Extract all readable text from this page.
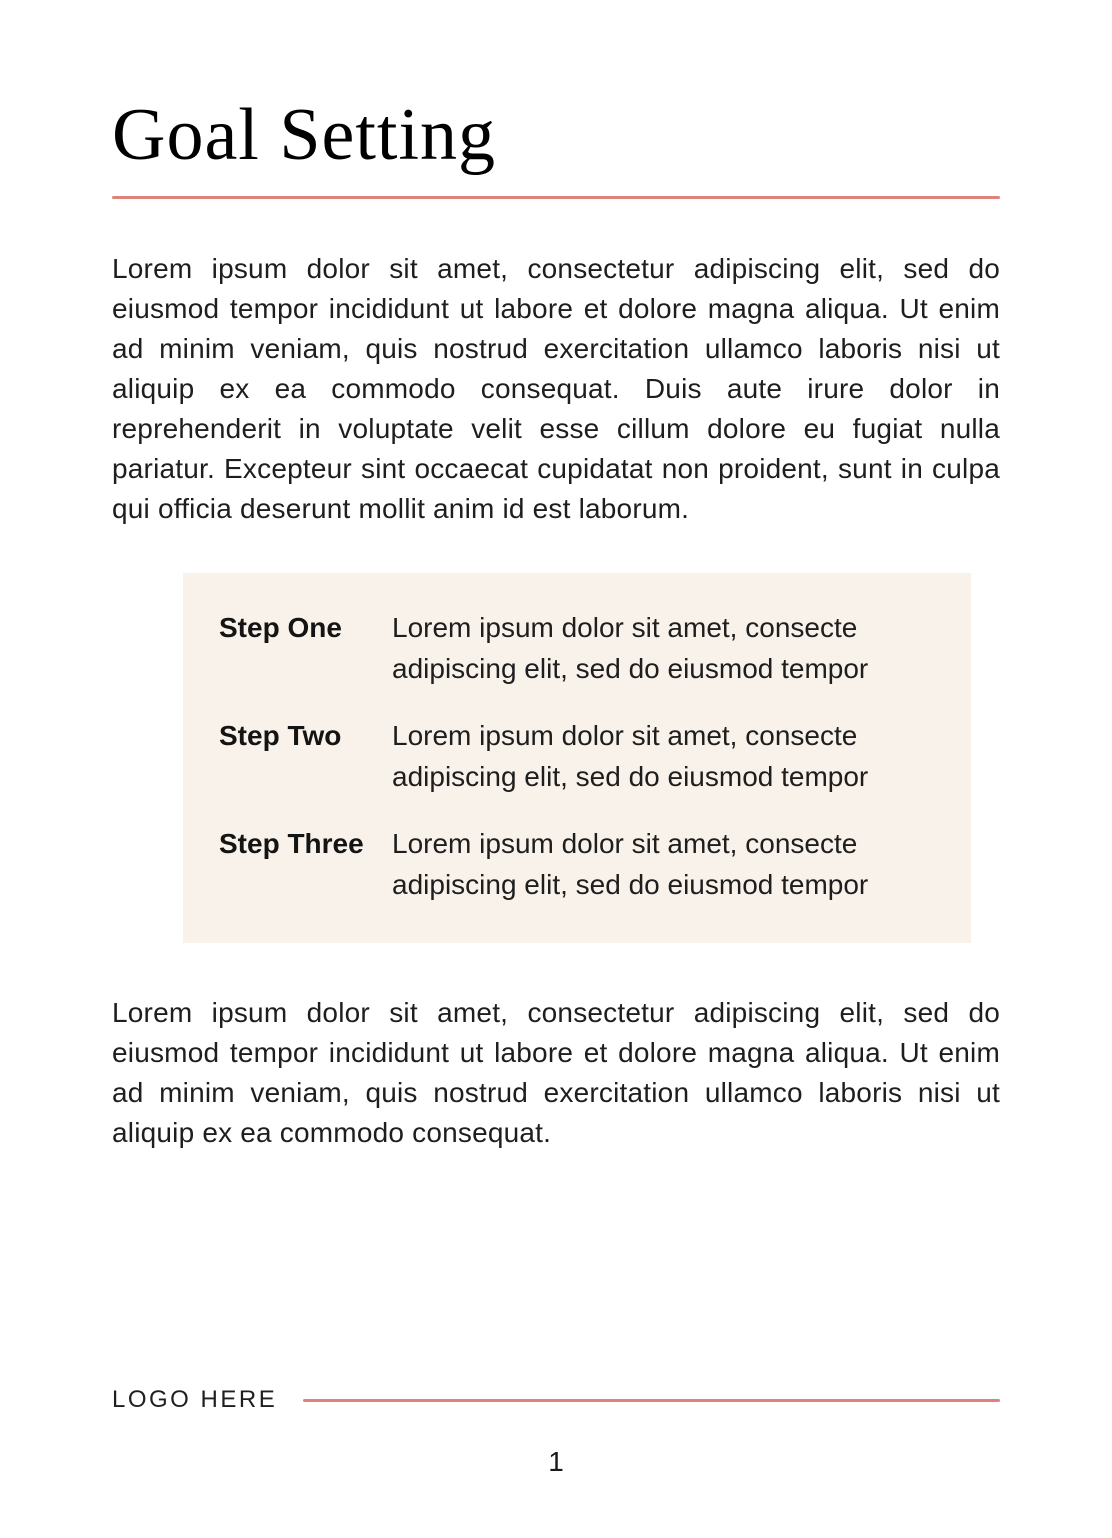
Goal Setting

Lorem ipsum dolor sit amet, consectetur adipiscing elit, sed do eiusmod tempor incididunt ut labore et dolore magna aliqua. Ut enim ad minim veniam, quis nostrud exercitation ullamco laboris nisi ut aliquip ex ea commodo consequat. Duis aute irure dolor in reprehenderit in voluptate velit esse cillum dolore eu fugiat nulla pariatur. Excepteur sint occaecat cupidatat non proident, sunt in culpa qui officia deserunt mollit anim id est laborum.

Step One	Lorem ipsum dolor sit amet, consecte adipiscing elit, sed do eiusmod tempor
Step Two	Lorem ipsum dolor sit amet, consecte adipiscing elit, sed do eiusmod tempor
Step Three	Lorem ipsum dolor sit amet, consecte adipiscing elit, sed do eiusmod tempor

Lorem ipsum dolor sit amet, consectetur adipiscing elit, sed do eiusmod tempor incididunt ut labore et dolore magna aliqua. Ut enim ad minim veniam, quis nostrud exercitation ullamco laboris nisi ut aliquip ex ea commodo consequat.

LOGO HERE
1
